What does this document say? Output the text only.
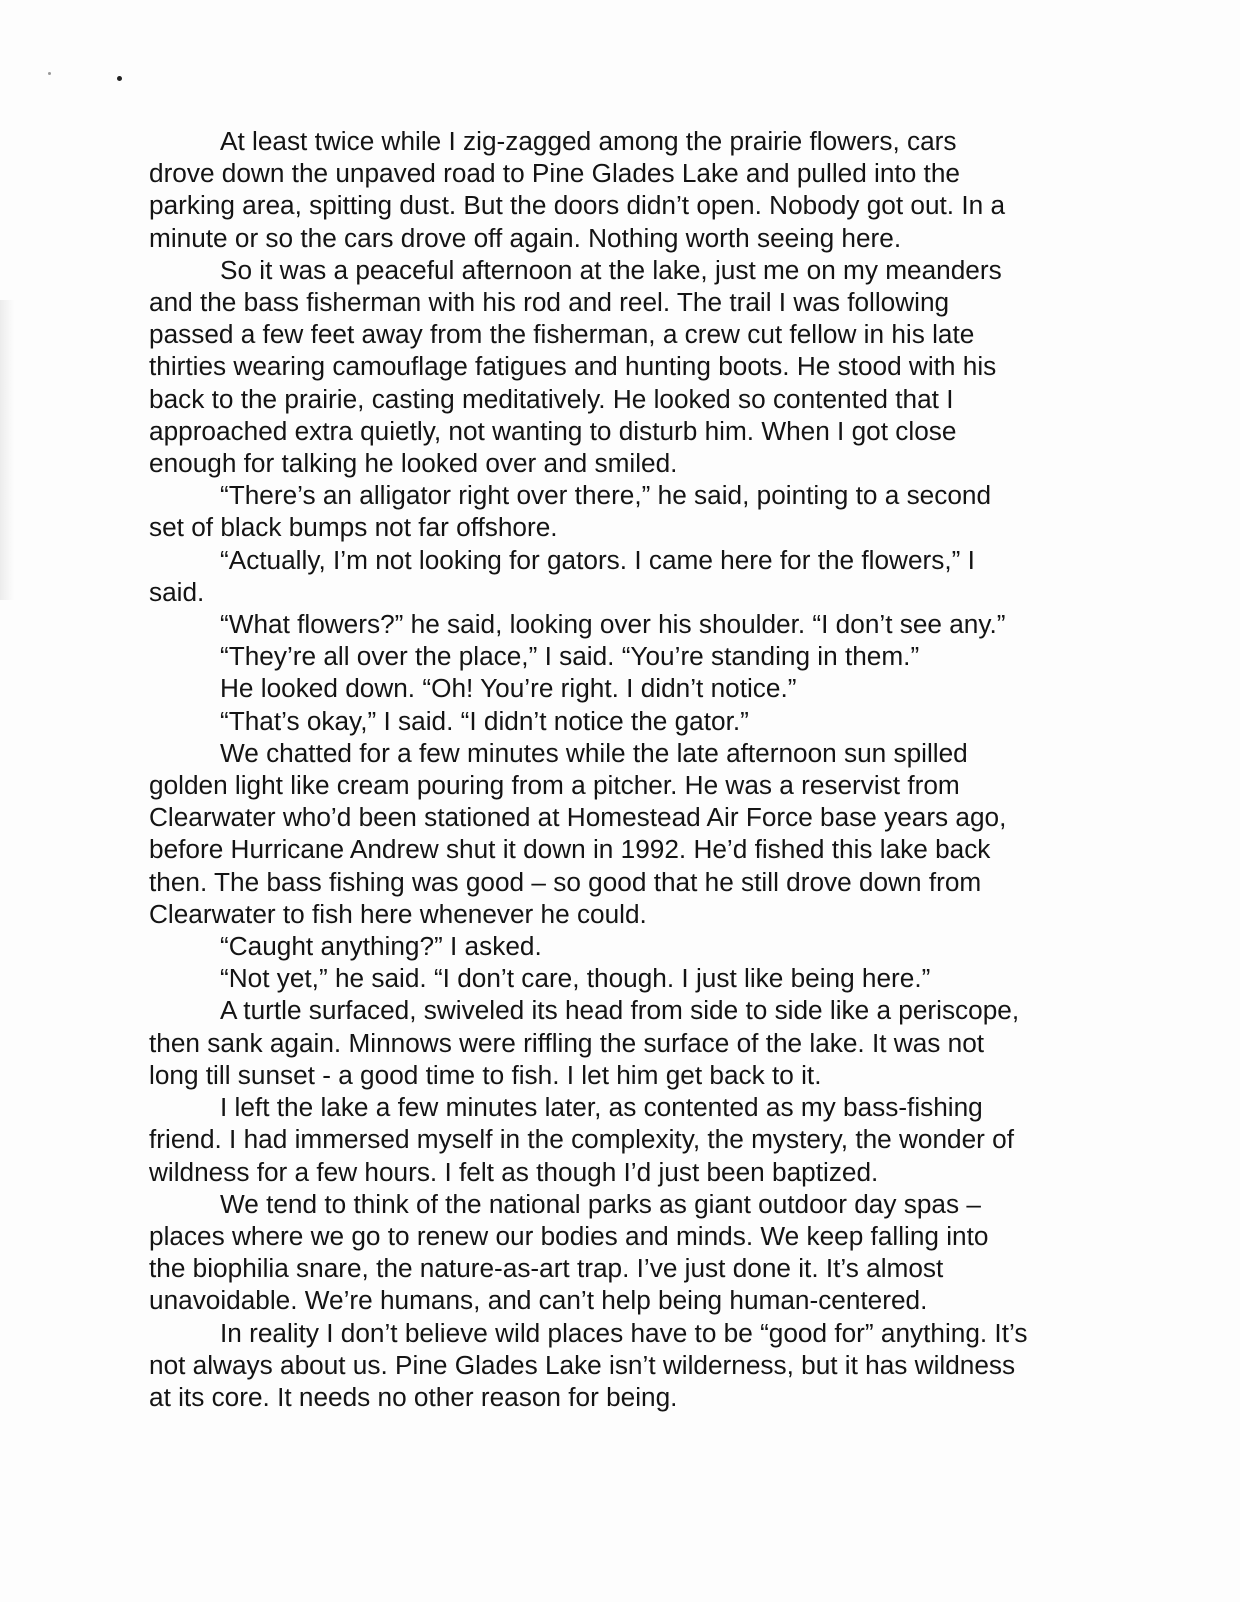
At least twice while I zig-zagged among the prairie flowers, cars
drove down the unpaved road to Pine Glades Lake and pulled into the
parking area, spitting dust. But the doors didn’t open. Nobody got out. In a
minute or so the cars drove off again. Nothing worth seeing here.
So it was a peaceful afternoon at the lake, just me on my meanders
and the bass fisherman with his rod and reel. The trail I was following
passed a few feet away from the fisherman, a crew cut fellow in his late
thirties wearing camouflage fatigues and hunting boots. He stood with his
back to the prairie, casting meditatively. He looked so contented that I
approached extra quietly, not wanting to disturb him. When I got close
enough for talking he looked over and smiled.
“There’s an alligator right over there,” he said, pointing to a second
set of black bumps not far offshore.
“Actually, I’m not looking for gators. I came here for the flowers,” I
said.
“What flowers?” he said, looking over his shoulder. “I don’t see any.”
“They’re all over the place,” I said. “You’re standing in them.”
He looked down. “Oh! You’re right. I didn’t notice.”
“That’s okay,” I said. “I didn’t notice the gator.”
We chatted for a few minutes while the late afternoon sun spilled
golden light like cream pouring from a pitcher. He was a reservist from
Clearwater who’d been stationed at Homestead Air Force base years ago,
before Hurricane Andrew shut it down in 1992. He’d fished this lake back
then. The bass fishing was good – so good that he still drove down from
Clearwater to fish here whenever he could.
“Caught anything?” I asked.
“Not yet,” he said. “I don’t care, though. I just like being here.”
A turtle surfaced, swiveled its head from side to side like a periscope,
then sank again. Minnows were riffling the surface of the lake. It was not
long till sunset - a good time to fish. I let him get back to it.
I left the lake a few minutes later, as contented as my bass-fishing
friend. I had immersed myself in the complexity, the mystery, the wonder of
wildness for a few hours. I felt as though I’d just been baptized.
We tend to think of the national parks as giant outdoor day spas –
places where we go to renew our bodies and minds. We keep falling into
the biophilia snare, the nature-as-art trap. I’ve just done it. It’s almost
unavoidable. We’re humans, and can’t help being human-centered.
In reality I don’t believe wild places have to be “good for” anything. It’s
not always about us. Pine Glades Lake isn’t wilderness, but it has wildness
at its core. It needs no other reason for being.
